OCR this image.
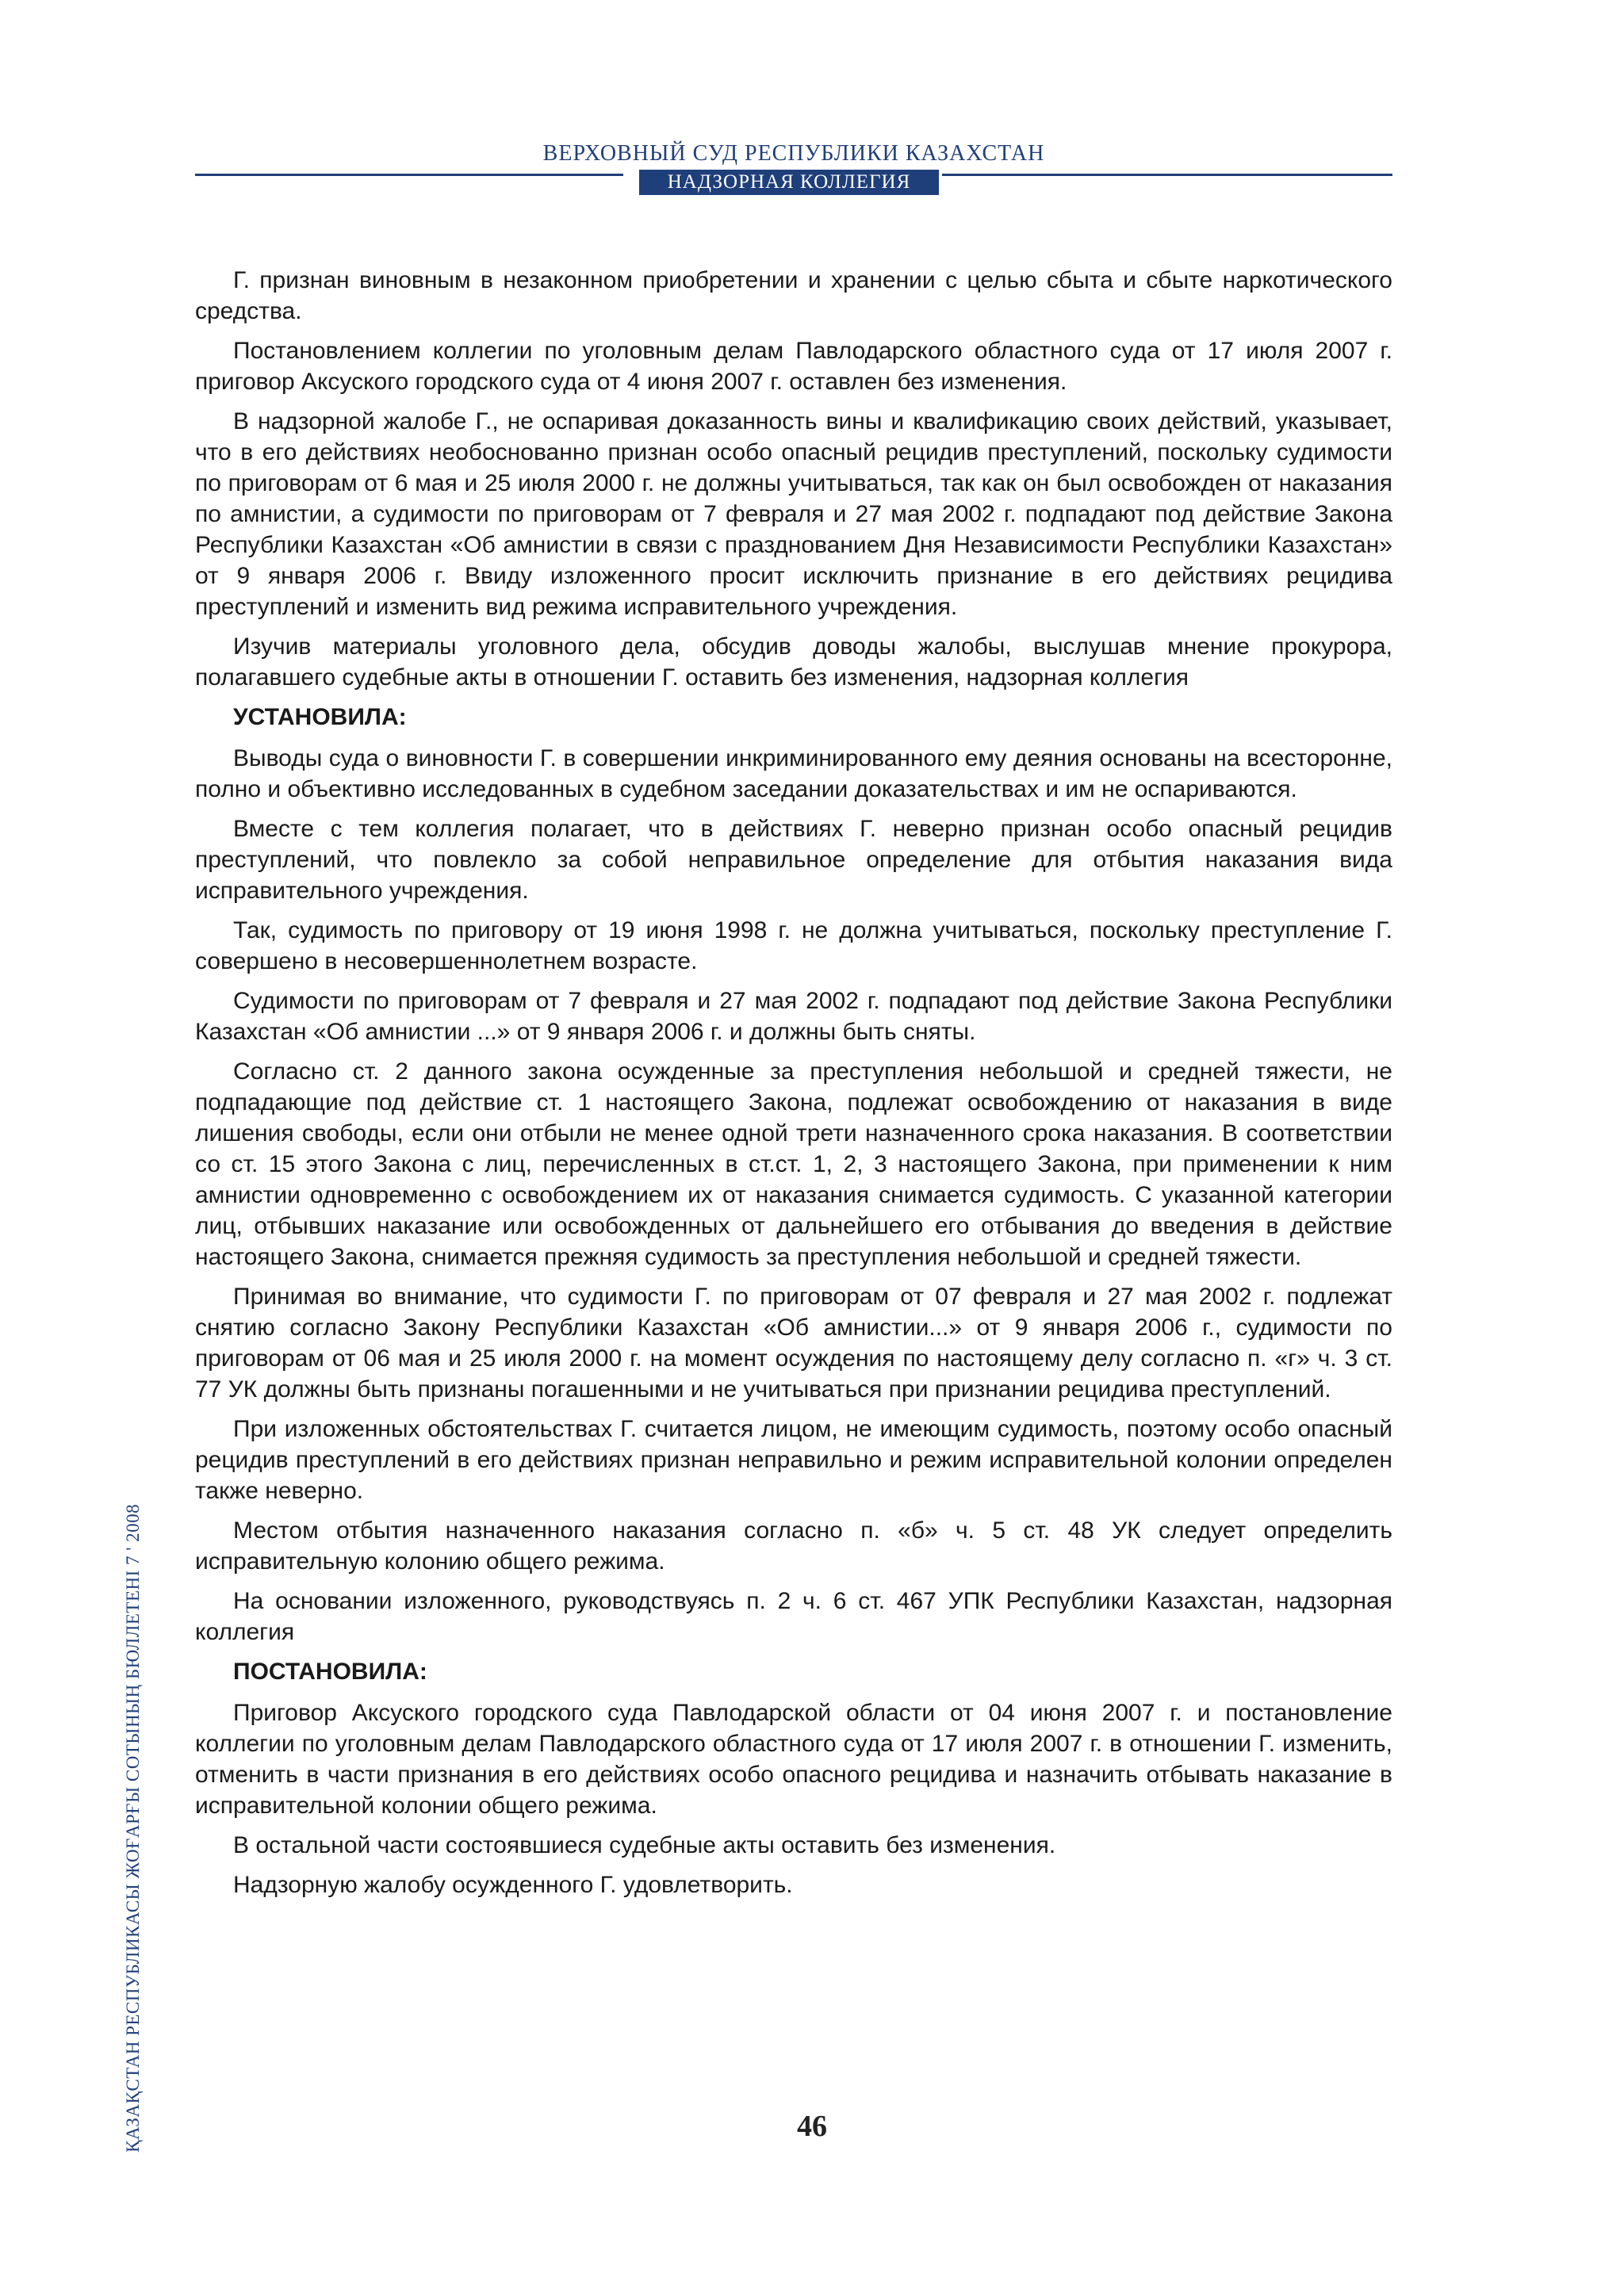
ВЕРХОВНЫЙ СУД РЕСПУБЛИКИ КАЗАХСТАН
НАДЗОРНАЯ КОЛЛЕГИЯ

Г. признан виновным в незаконном приобретении и хранении с целью сбыта и сбыте наркотического средства.

Постановлением коллегии по уголовным делам Павлодарского областного суда от 17 июля 2007 г. приговор Аксуского городского суда от 4 июня 2007 г. оставлен без изменения.

В надзорной жалобе Г., не оспаривая доказанность вины и квалификацию своих действий, указывает, что в его действиях необоснованно признан особо опасный рецидив преступлений, поскольку судимости по приговорам от 6 мая и 25 июля 2000 г. не должны учитываться, так как он был освобожден от наказания по амнистии, а судимости по приговорам от 7 февраля и 27 мая 2002 г. подпадают под действие Закона Республики Казахстан «Об амнистии в связи с празднованием Дня Независимости Республики Казахстан» от 9 января 2006 г. Ввиду изложенного просит исключить признание в его действиях рецидива преступлений и изменить вид режима исправительного учреждения.

Изучив материалы уголовного дела, обсудив доводы жалобы, выслушав мнение прокурора, полагавшего судебные акты в отношении Г. оставить без изменения, надзорная коллегия

УСТАНОВИЛА:

Выводы суда о виновности Г. в совершении инкриминированного ему деяния основаны на всесторонне, полно и объективно исследованных в судебном заседании доказательствах и им не оспариваются.

Вместе с тем коллегия полагает, что в действиях Г. неверно признан особо опасный рецидив преступлений, что повлекло за собой неправильное определение для отбытия наказания вида исправительного учреждения.

Так, судимость по приговору от 19 июня 1998 г. не должна учитываться, поскольку преступление Г. совершено в несовершеннолетнем возрасте.

Судимости по приговорам от 7 февраля и 27 мая 2002 г. подпадают под действие Закона Республики Казахстан «Об амнистии ...» от 9 января 2006 г. и должны быть сняты.

Согласно ст. 2 данного закона осужденные за преступления небольшой и средней тяжести, не подпадающие под действие ст. 1 настоящего Закона, подлежат освобождению от наказания в виде лишения свободы, если они отбыли не менее одной трети назначенного срока наказания. В соответствии со ст. 15 этого Закона с лиц, перечисленных в ст.ст. 1, 2, 3 настоящего Закона, при применении к ним амнистии одновременно с освобождением их от наказания снимается судимость. С указанной категории лиц, отбывших наказание или освобожденных от дальнейшего его отбывания до введения в действие настоящего Закона, снимается прежняя судимость за преступления небольшой и средней тяжести.

Принимая во внимание, что судимости Г. по приговорам от 07 февраля и 27 мая 2002 г. подлежат снятию согласно Закону Республики Казахстан «Об амнистии...» от 9 января 2006 г., судимости по приговорам от 06 мая и 25 июля 2000 г. на момент осуждения по настоящему делу согласно п. «г» ч. 3 ст. 77 УК должны быть признаны погашенными и не учитываться при признании рецидива преступлений.

При изложенных обстоятельствах Г. считается лицом, не имеющим судимость, поэтому особо опасный рецидив преступлений в его действиях признан неправильно и режим исправительной колонии определен также неверно.

Местом отбытия назначенного наказания согласно п. «б» ч. 5 ст. 48 УК следует определить исправительную колонию общего режима.

На основании изложенного, руководствуясь п. 2 ч. 6 ст. 467 УПК Республики Казахстан, надзорная коллегия

ПОСТАНОВИЛА:

Приговор Аксуского городского суда Павлодарской области от 04 июня 2007 г. и постановление коллегии по уголовным делам Павлодарского областного суда от 17 июля 2007 г. в отношении Г. изменить, отменить в части признания в его действиях особо опасного рецидива и назначить отбывать наказание в исправительной колонии общего режима.

В остальной части состоявшиеся судебные акты оставить без изменения.

Надзорную жалобу осужденного Г. удовлетворить.

ҚАЗАҚСТАН РЕСПУБЛИКАСЫ ЖОҒАРҒЫ СОТЫНЫҢ БЮЛЛЕТЕНІ 7 ' 2008	46
